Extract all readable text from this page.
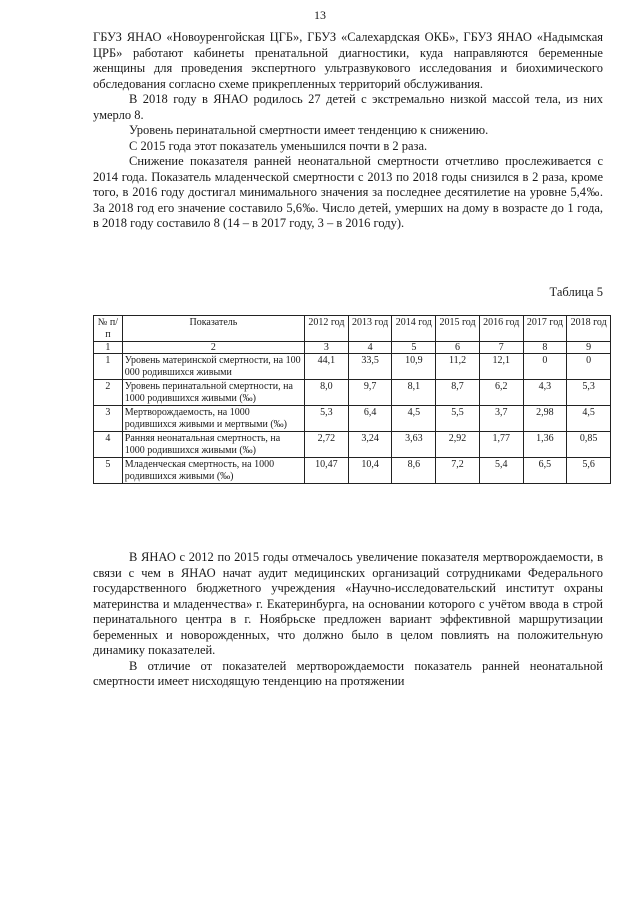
13

ГБУЗ ЯНАО «Новоуренгойская ЦГБ», ГБУЗ «Салехардская ОКБ», ГБУЗ ЯНАО «Надымская ЦРБ» работают кабинеты пренатальной диагностики, куда направляются беременные женщины для проведения экспертного ультразвукового исследования и биохимического обследования согласно схеме прикрепленных территорий обслуживания.

В 2018 году в ЯНАО родилось 27 детей с экстремально низкой массой тела, из них умерло 8.

Уровень перинатальной смертности имеет тенденцию к снижению.

С 2015 года этот показатель уменьшился почти в 2 раза.

Снижение показателя ранней неонатальной смертности отчетливо прослеживается с 2014 года. Показатель младенческой смертности с 2013 по 2018 годы снизился в 2 раза, кроме того, в 2016 году достигал минимального значения за последнее десятилетие на уровне 5,4‰. За 2018 год его значение составило 5,6‰. Число детей, умерших на дому в возрасте до 1 года, в 2018 году составило 8 (14 – в 2017 году, 3 – в 2016 году).

Таблица 5
№ п/п	Показатель	2012 год	2013 год	2014 год	2015 год	2016 год	2017 год	2018 год
1	2	3	4	5	6	7	8	9
1	Уровень материнской смертности, на 100 000 родившихся живыми	44,1	33,5	10,9	11,2	12,1	0	0
2	Уровень перинатальной смертности, на 1000 родившихся живыми (‰)	8,0	9,7	8,1	8,7	6,2	4,3	5,3
3	Мертворождаемость, на 1000 родившихся живыми и мертвыми (‰)	5,3	6,4	4,5	5,5	3,7	2,98	4,5
4	Ранняя неонатальная смертность, на 1000 родившихся живыми (‰)	2,72	3,24	3,63	2,92	1,77	1,36	0,85
5	Младенческая смертность, на 1000 родившихся живыми (‰)	10,47	10,4	8,6	7,2	5,4	6,5	5,6

В ЯНАО с 2012 по 2015 годы отмечалось увеличение показателя мертворождаемости, в связи с чем в ЯНАО начат аудит медицинских организаций сотрудниками Федерального государственного бюджетного учреждения «Научно-исследовательский институт охраны материнства и младенчества» г. Екатеринбурга, на основании которого с учётом ввода в строй перинатального центра в г. Ноябрьске предложен вариант эффективной маршрутизации беременных и новорожденных, что должно было в целом повлиять на положительную динамику показателей.

В отличие от показателей мертворождаемости показатель ранней неонатальной смертности имеет нисходящую тенденцию на протяжении
